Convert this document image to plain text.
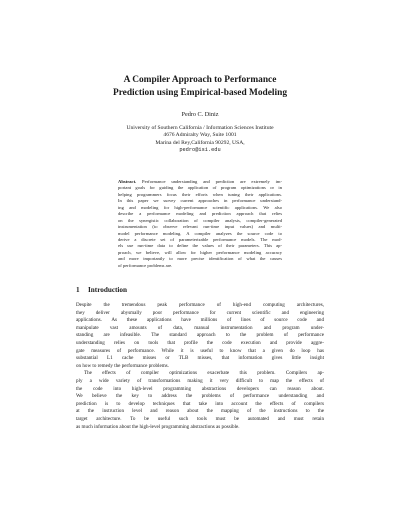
A Compiler Approach to Performance
Prediction using Empirical-based Modeling
Pedro C. Diniz
University of Southern California / Information Sciences Institute
4676 Admiralty Way, Suite 1001
Marina del Rey,California 90292, USA,
pedro@isi.edu
Abstract. Performance understanding and prediction are extremely im-
portant goals for guiding the application of program optimizations or in
helping programmers focus their efforts when tuning their applications.
In this paper we survey current approaches in performance understand-
ing and modeling for high-performance scientific applications. We also
describe a performance modeling and prediction approach that relies
on the synergistic collaboration of compiler analysis, compiler-generated
instrumentation (to observe relevant run-time input values) and multi-
model performance modeling. A compiler analyzes the source code to
derive a discrete set of parameterizable performance models. The mod-
els use run-time data to define the values of their parameters. This ap-
proach, we believe, will allow for higher performance modeling accuracy
and more importantly to more precise identification of what the causes
of performance problems are.
1 Introduction
Despite the tremendous peak performance of high-end computing architectures,
they deliver abysmally poor performance for current scientific and engineering
applications. As these applications have millions of lines of source code and
manipulate vast amounts of data, manual instrumentation and program under-
standing are infeasible. The standard approach to the problem of performance
understanding relies on tools that profile the code execution and provide aggre-
gate measures of performance. While it is useful to know that a given do loop has
substantial L1 cache misses or TLB misses, that information gives little insight
on how to remedy the performance problems.
The effects of compiler optimizations exacerbate this problem. Compilers ap-
ply a wide variety of transformations making it very difficult to map the effects of
the code into high-level programming abstractions developers can reason about.
We believe the key to address the problems of performance understanding and
prediction is to develop techniques that take into account the effects of compilers
at the instruction level and reason about the mapping of the instructions to the
target architecture. To be useful such tools must be automated and must retain
as much information about the high-level programming abstractions as possible.
